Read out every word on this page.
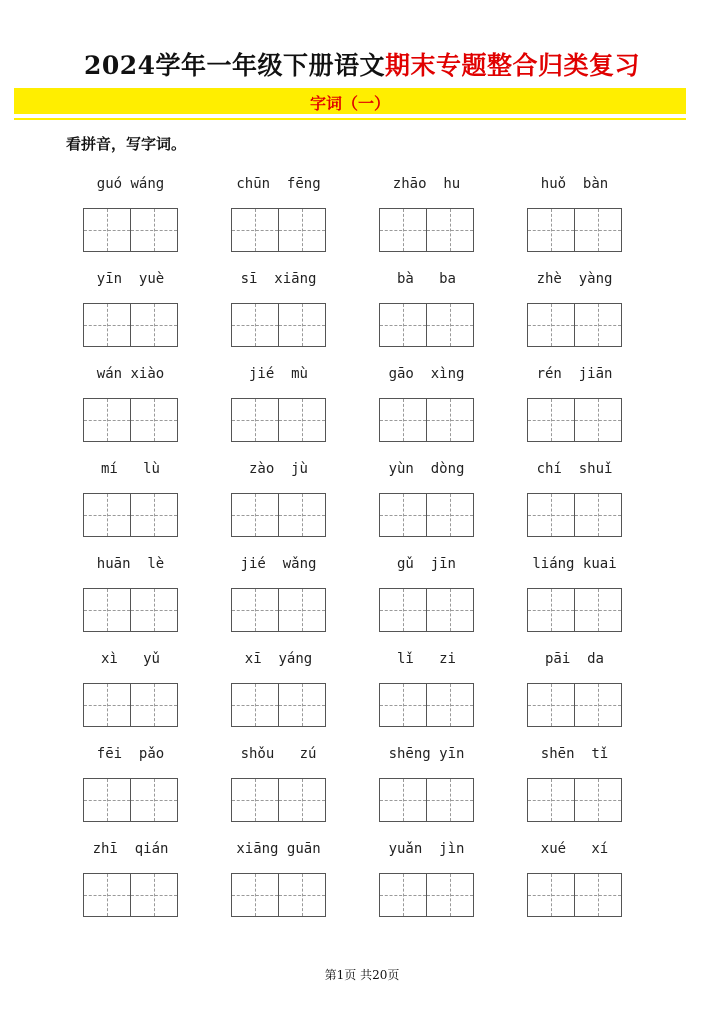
2024学年一年级下册语文期末专题整合归类复习
字词（一）
看拼音，写字词。
guó wáng	chūn  fēng	zhāo  hu	huǒ  bàn
yīn  yuè	sī  xiāng	bà   ba	zhè  yàng
wán xiào	jié  mù	gāo  xìng	rén  jiān
mí   lù	zào  jù	yùn  dòng	chí  shuǐ
huān  lè	jié  wǎng	gǔ  jīn	liáng kuai
xì   yǔ	xī  yáng	lǐ   zi	pāi  da
fēi  pǎo	shǒu   zú	shēng yīn	shēn  tǐ
zhī  qián	xiāng guān	yuǎn  jìn	xué   xí
第1页 共20页
